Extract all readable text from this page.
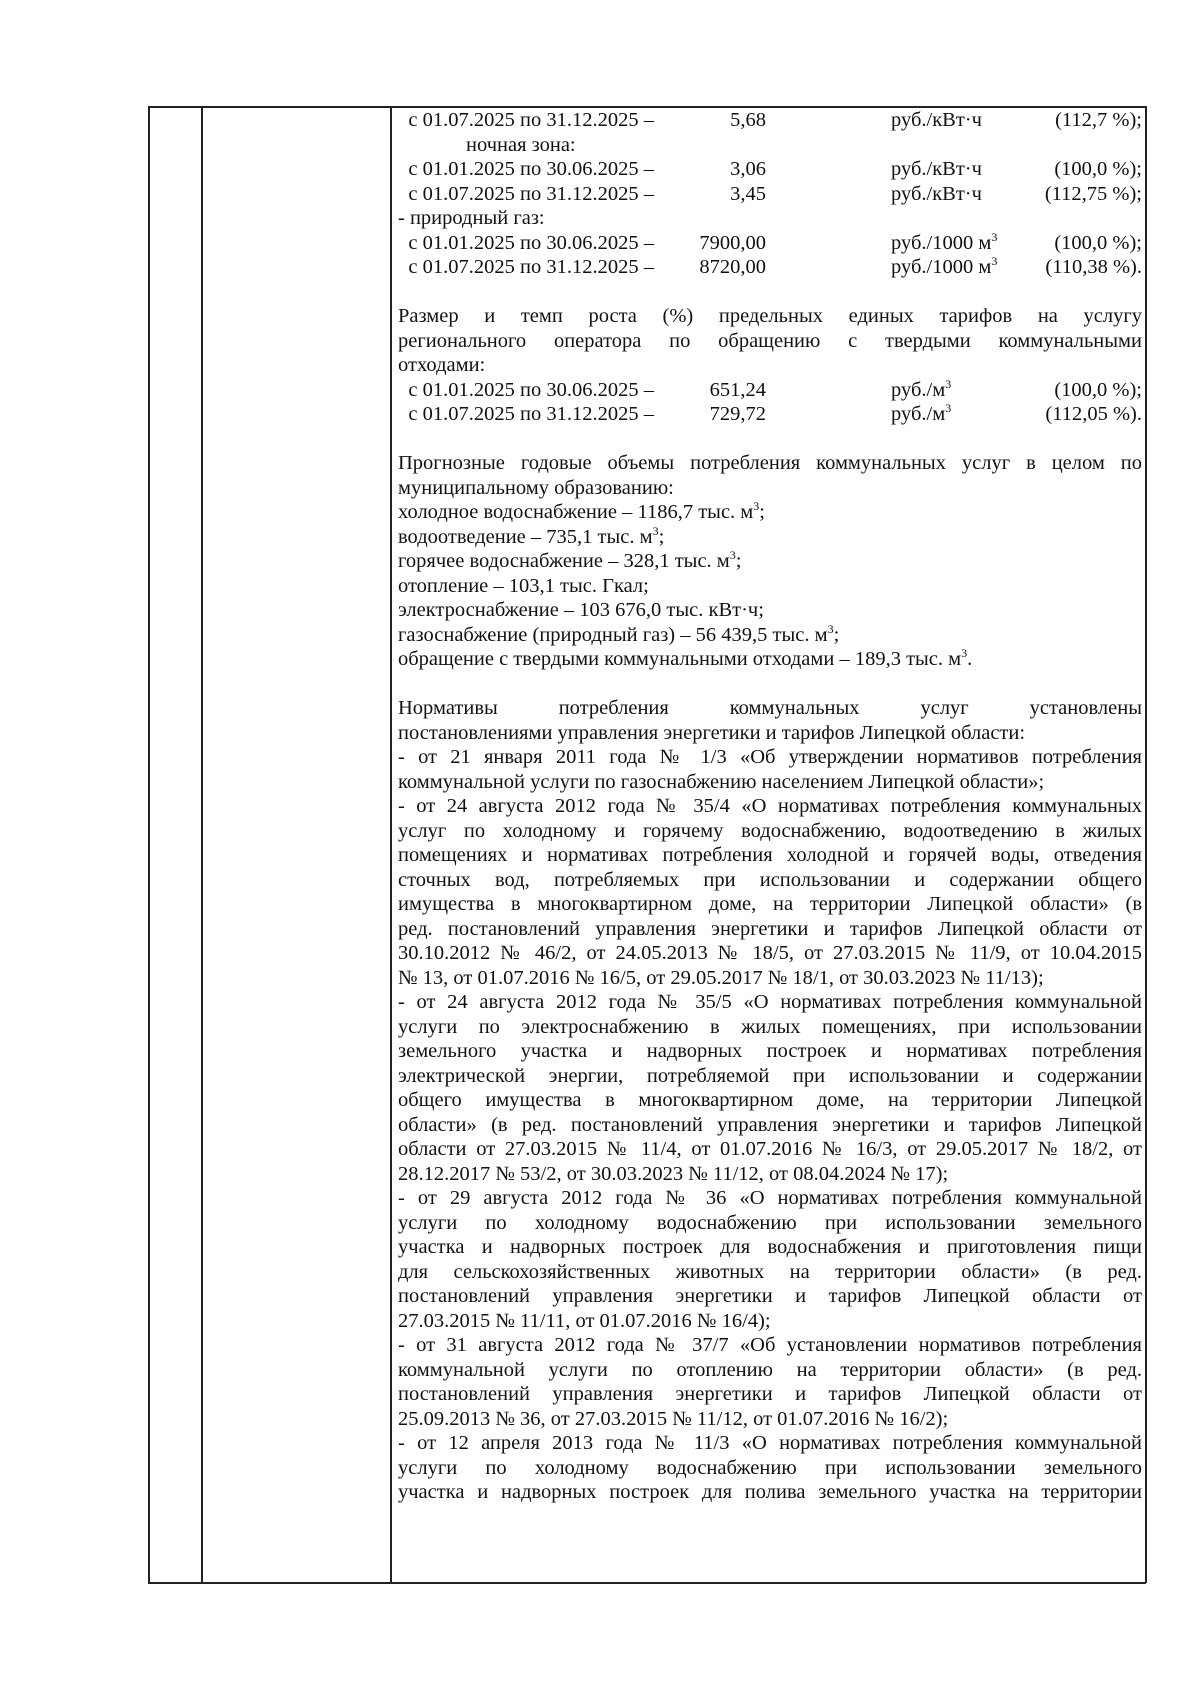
с 01.07.2025 по 31.12.2025 –	5,68	руб./кВт·ч	(112,7 %);
ночная зона:
с 01.01.2025 по 30.06.2025 –	3,06	руб./кВт·ч	(100,0 %);
с 01.07.2025 по 31.12.2025 –	3,45	руб./кВт·ч	(112,75 %);
- природный газ:
с 01.01.2025 по 30.06.2025 – 7900,00	руб./1000 $м^3$	(100,0 %);
с 01.07.2025 по 31.12.2025 – 8720,00	руб./1000 $м^3$ (110,38 %).
Размер и темп роста (%) предельных единых тарифов на услугу
регионального оператора по обращению с твердыми коммунальными
отходами:
с 01.01.2025 по 30.06.2025 –	651,24	$руб./м^3$	(100,0 %);
с 01.07.2025 по 31.12.2025 –	729,72	$руб./м^3$	(112,05 %).
Прогнозные годовые объемы потребления коммунальных услуг в целом по
муниципальному образованию:
холодное водоснабжение – 1186,7 тыс. $м^3$;
водоотведение – 735,1 тыс. $м^3$;
горячее водоснабжение – 328,1 тыс. $м^3$;
отопление – 103,1 тыс. Гкал;
электроснабжение – 103 676,0 тыс. кВт·ч;
газоснабжение (природный газ) – 56 439,5 тыс. $м^3$;
обращение с твердыми коммунальными отходами – 189,3 тыс. $м^3$.
Нормативы потребления коммунальных услуг установлены
постановлениями управления энергетики и тарифов Липецкой области:
- от 21 января 2011 года № 1/3 «Об утверждении нормативов потребления
коммунальной услуги по газоснабжению населением Липецкой области»;
- от 24 августа 2012 года № 35/4 «О нормативах потребления коммунальных
услуг по холодному и горячему водоснабжению, водоотведению в жилых
помещениях и нормативах потребления холодной и горячей воды, отведения
сточных вод, потребляемых при использовании и содержании общего
имущества в многоквартирном доме, на территории Липецкой области» (в
ред. постановлений управления энергетики и тарифов Липецкой области от
30.10.2012 № 46/2, от 24.05.2013 № 18/5, от 27.03.2015 № 11/9, от 10.04.2015
№ 13, от 01.07.2016 № 16/5, от 29.05.2017 № 18/1, от 30.03.2023 № 11/13);
- от 24 августа 2012 года № 35/5 «О нормативах потребления коммунальной
услуги по электроснабжению в жилых помещениях, при использовании
земельного участка и надворных построек и нормативах потребления
электрической энергии, потребляемой при использовании и содержании
общего имущества в многоквартирном доме, на территории Липецкой
области» (в ред. постановлений управления энергетики и тарифов Липецкой
области от 27.03.2015 № 11/4, от 01.07.2016 № 16/3, от 29.05.2017 № 18/2, от
28.12.2017 № 53/2, от 30.03.2023 № 11/12, от 08.04.2024 № 17);
- от 29 августа 2012 года № 36 «О нормативах потребления коммунальной
услуги по холодному водоснабжению при использовании земельного
участка и надворных построек для водоснабжения и приготовления пищи
для сельскохозяйственных животных на территории области» (в ред.
постановлений управления энергетики и тарифов Липецкой области от
27.03.2015 № 11/11, от 01.07.2016 № 16/4);
- от 31 августа 2012 года № 37/7 «Об установлении нормативов потребления
коммунальной услуги по отоплению на территории области» (в ред.
постановлений управления энергетики и тарифов Липецкой области от
25.09.2013 № 36, от 27.03.2015 № 11/12, от 01.07.2016 № 16/2);
- от 12 апреля 2013 года № 11/3 «О нормативах потребления коммунальной
услуги по холодному водоснабжению при использовании земельного
участка и надворных построек для полива земельного участка на территории
